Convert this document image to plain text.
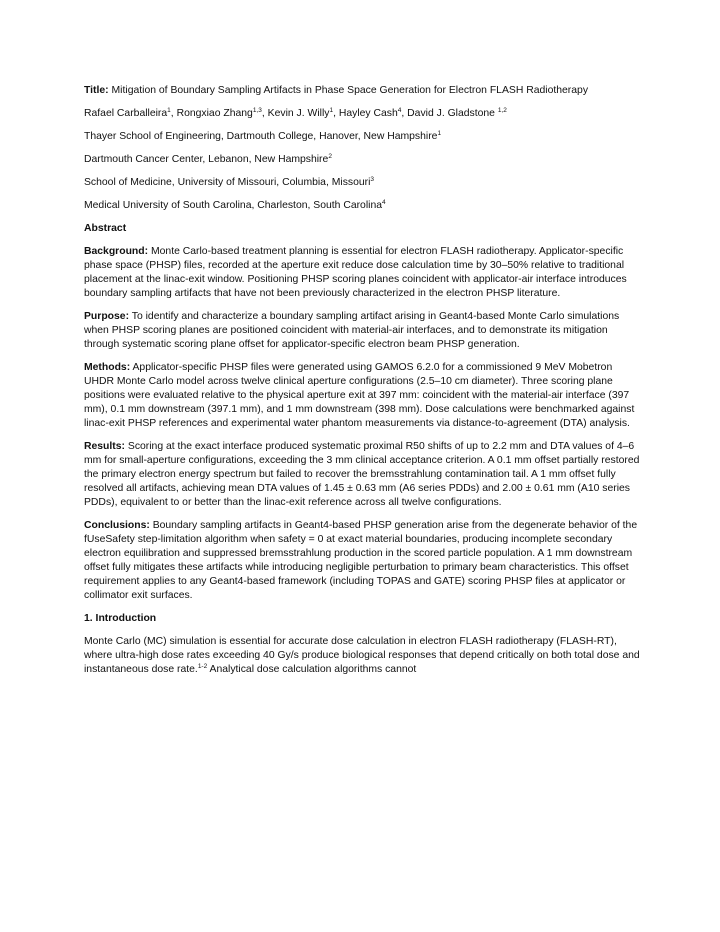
Title: Mitigation of Boundary Sampling Artifacts in Phase Space Generation for Electron FLASH Radiotherapy

Rafael Carballeira$^1$, Rongxiao Zhang$^{1,3}$, Kevin J. Willy$^1$, Hayley Cash$^4$, David J. Gladstone $^{1,2}$

Thayer School of Engineering, Dartmouth College, Hanover, New Hampshire$^1$

Dartmouth Cancer Center, Lebanon, New Hampshire$^2$

School of Medicine, University of Missouri, Columbia, Missouri$^3$

Medical University of South Carolina, Charleston, South Carolina$^4$

Abstract

Background: Monte Carlo-based treatment planning is essential for electron FLASH radiotherapy. Applicator-specific phase space (PHSP) files, recorded at the aperture exit reduce dose calculation time by 30–50% relative to traditional placement at the linac-exit window. Positioning PHSP scoring planes coincident with applicator-air interface introduces boundary sampling artifacts that have not been previously characterized in the electron PHSP literature.

Purpose: To identify and characterize a boundary sampling artifact arising in Geant4-based Monte Carlo simulations when PHSP scoring planes are positioned coincident with material-air interfaces, and to demonstrate its mitigation through systematic scoring plane offset for applicator-specific electron beam PHSP generation.

Methods: Applicator-specific PHSP files were generated using GAMOS 6.2.0 for a commissioned 9 MeV Mobetron UHDR Monte Carlo model across twelve clinical aperture configurations (2.5–10 cm diameter). Three scoring plane positions were evaluated relative to the physical aperture exit at 397 mm: coincident with the material-air interface (397 mm), 0.1 mm downstream (397.1 mm), and 1 mm downstream (398 mm). Dose calculations were benchmarked against linac-exit PHSP references and experimental water phantom measurements via distance-to-agreement (DTA) analysis.

Results: Scoring at the exact interface produced systematic proximal R50 shifts of up to 2.2 mm and DTA values of 4–6 mm for small-aperture configurations, exceeding the 3 mm clinical acceptance criterion. A 0.1 mm offset partially restored the primary electron energy spectrum but failed to recover the bremsstrahlung contamination tail. A 1 mm offset fully resolved all artifacts, achieving mean DTA values of 1.45 ± 0.63 mm (A6 series PDDs) and 2.00 ± 0.61 mm (A10 series PDDs), equivalent to or better than the linac-exit reference across all twelve configurations.

Conclusions: Boundary sampling artifacts in Geant4-based PHSP generation arise from the degenerate behavior of the fUseSafety step-limitation algorithm when safety = 0 at exact material boundaries, producing incomplete secondary electron equilibration and suppressed bremsstrahlung production in the scored particle population. A 1 mm downstream offset fully mitigates these artifacts while introducing negligible perturbation to primary beam characteristics. This offset requirement applies to any Geant4-based framework (including TOPAS and GATE) scoring PHSP files at applicator or collimator exit surfaces.

1. Introduction

Monte Carlo (MC) simulation is essential for accurate dose calculation in electron FLASH radiotherapy (FLASH-RT), where ultra-high dose rates exceeding 40 Gy/s produce biological responses that depend critically on both total dose and instantaneous dose rate.$^{1-2}$ Analytical dose calculation algorithms cannot
